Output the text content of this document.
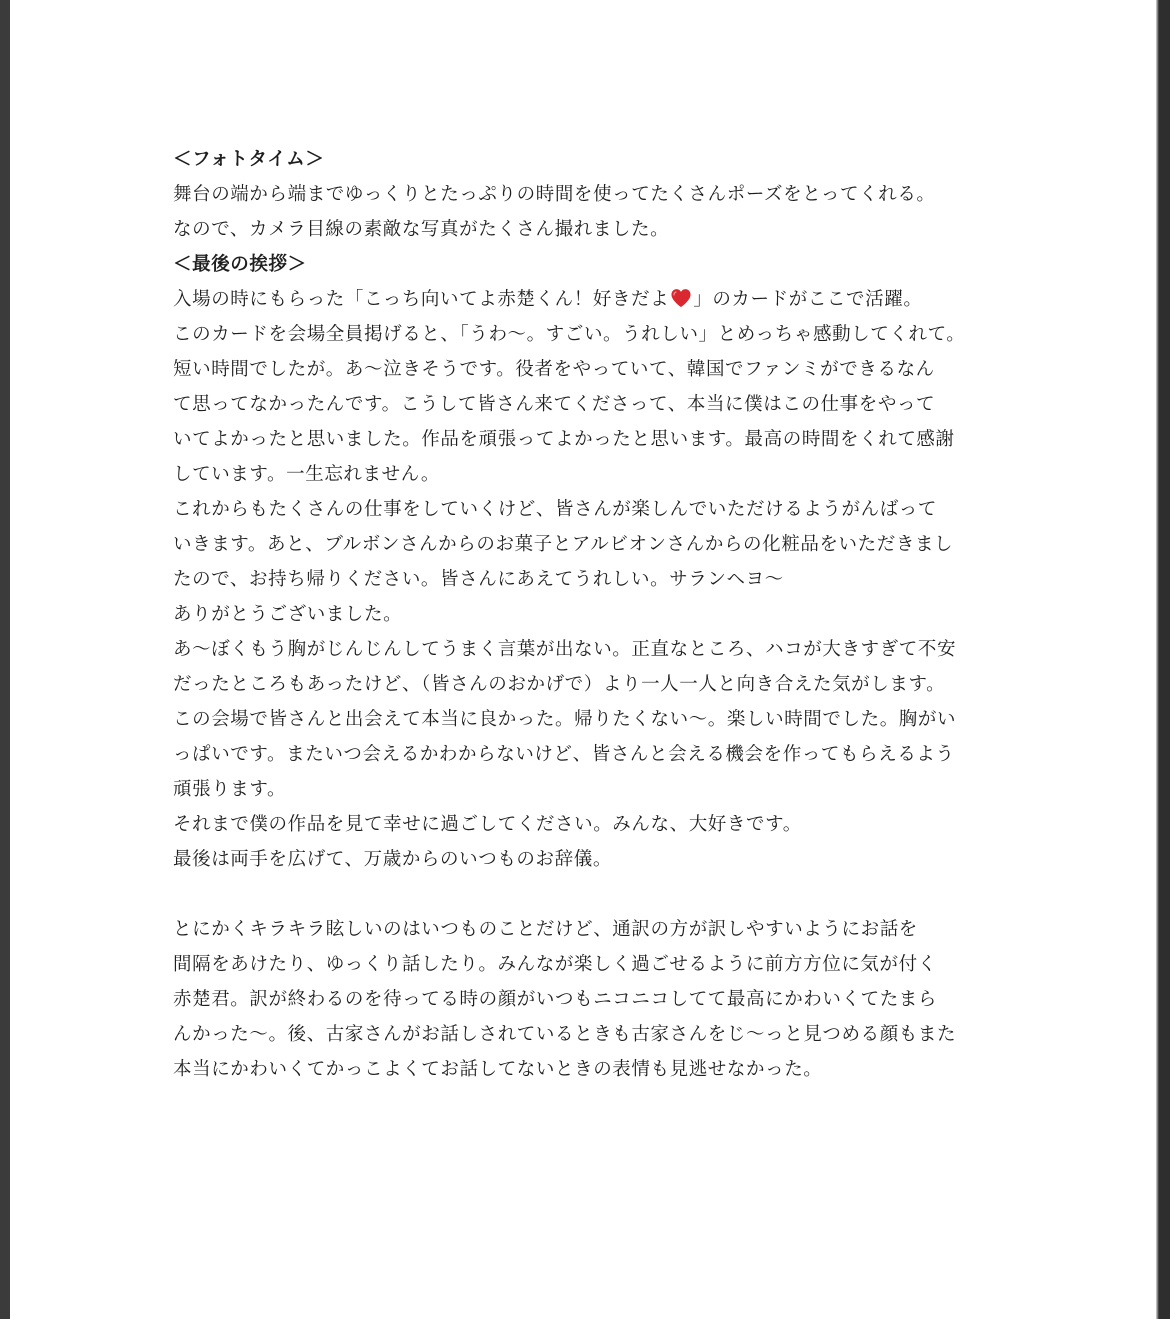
＜フォトタイム＞
舞台の端から端までゆっくりとたっぷりの時間を使ってたくさんポーズをとってくれる。
なので、カメラ目線の素敵な写真がたくさん撮れました。
＜最後の挨拶＞
入場の時にもらった「こっち向いてよ赤楚くん！好きだよ 」のカードがここで活躍。
このカードを会場全員掲げると、「うわ〜。すごい。うれしい」とめっちゃ感動してくれて。
短い時間でしたが。あ〜泣きそうです。役者をやっていて、韓国でファンミができるなん
て思ってなかったんです。こうして皆さん来てくださって、本当に僕はこの仕事をやって
いてよかったと思いました。作品を頑張ってよかったと思います。最高の時間をくれて感謝
しています。一生忘れません。
これからもたくさんの仕事をしていくけど、皆さんが楽しんでいただけるようがんばって
いきます。あと、ブルボンさんからのお菓子とアルビオンさんからの化粧品をいただきまし
たので、お持ち帰りください。皆さんにあえてうれしい。サランヘヨ〜
ありがとうございました。
あ〜ぼくもう胸がじんじんしてうまく言葉が出ない。正直なところ、ハコが大きすぎて不安
だったところもあったけど、（皆さんのおかげで）より一人一人と向き合えた気がします。
この会場で皆さんと出会えて本当に良かった。帰りたくない〜。楽しい時間でした。胸がい
っぱいです。またいつ会えるかわからないけど、皆さんと会える機会を作ってもらえるよう
頑張ります。
それまで僕の作品を見て幸せに過ごしてください。みんな、大好きです。
最後は両手を広げて、万歳からのいつものお辞儀。
とにかくキラキラ眩しいのはいつものことだけど、通訳の方が訳しやすいようにお話を
間隔をあけたり、ゆっくり話したり。みんなが楽しく過ごせるように前方方位に気が付く
赤楚君。訳が終わるのを待ってる時の顔がいつもニコニコしてて最高にかわいくてたまら
んかった〜。後、古家さんがお話しされているときも古家さんをじ〜っと見つめる顔もまた
本当にかわいくてかっこよくてお話してないときの表情も見逃せなかった。
